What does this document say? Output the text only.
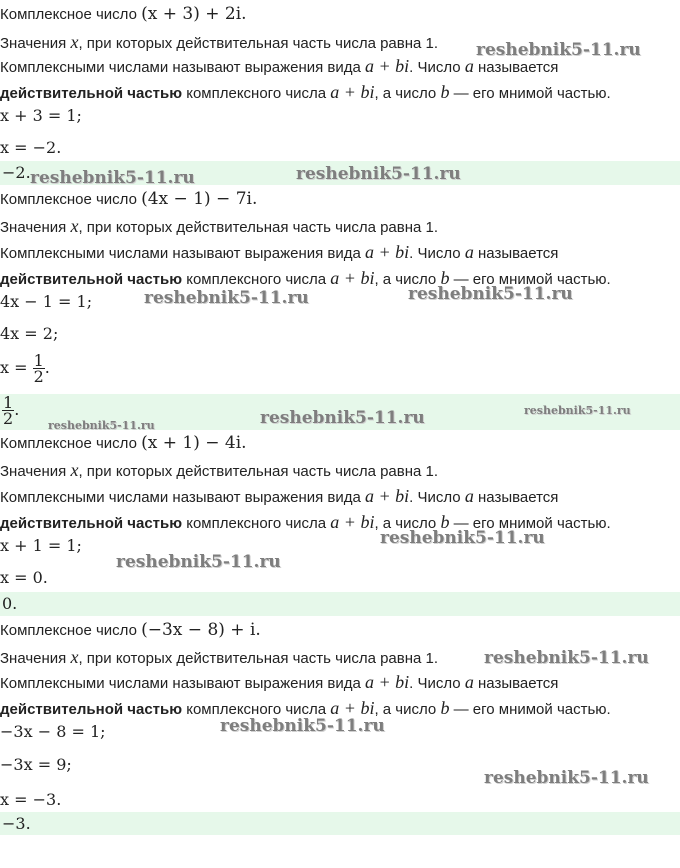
Комплексное число (x + 3) + 2i.
Значения x, при которых действительная часть числа равна 1.
Комплексными числами называют выражения вида a + bi. Число a называется
действительной частью комплексного числа a + bi, а число b — его мнимой частью.
x + 3 = 1;
x = −2.
−2.
Комплексное число (4x − 1) − 7i.
Значения x, при которых действительная часть числа равна 1.
Комплексными числами называют выражения вида a + bi. Число a называется
действительной частью комплексного числа a + bi, а число b — его мнимой частью.
4x − 1 = 1;
4x = 2;
$x = \frac{1}{2}$ .
$\frac{1}{2}$ .
Комплексное число (x + 1) − 4i.
Значения x, при которых действительная часть числа равна 1.
Комплексными числами называют выражения вида a + bi. Число a называется
действительной частью комплексного числа a + bi, а число b — его мнимой частью.
x + 1 = 1;
x = 0.
0.
Комплексное число (−3x − 8) + i.
Значения x, при которых действительная часть числа равна 1.
Комплексными числами называют выражения вида a + bi. Число a называется
действительной частью комплексного числа a + bi, а число b — его мнимой частью.
−3x − 8 = 1;
−3x = 9;
x = −3.
−3.
reshebnik5-11.ru
reshebnik5-11.ru	reshebnik5-11.ru
reshebnik5-11.ru	reshebnik5-11.ru
reshebnik5-11.ru	reshebnik5-11.ru	reshebnik5-11.ru
reshebnik5-11.ru
reshebnik5-11.ru
reshebnik5-11.ru
reshebnik5-11.ru
reshebnik5-11.ru
